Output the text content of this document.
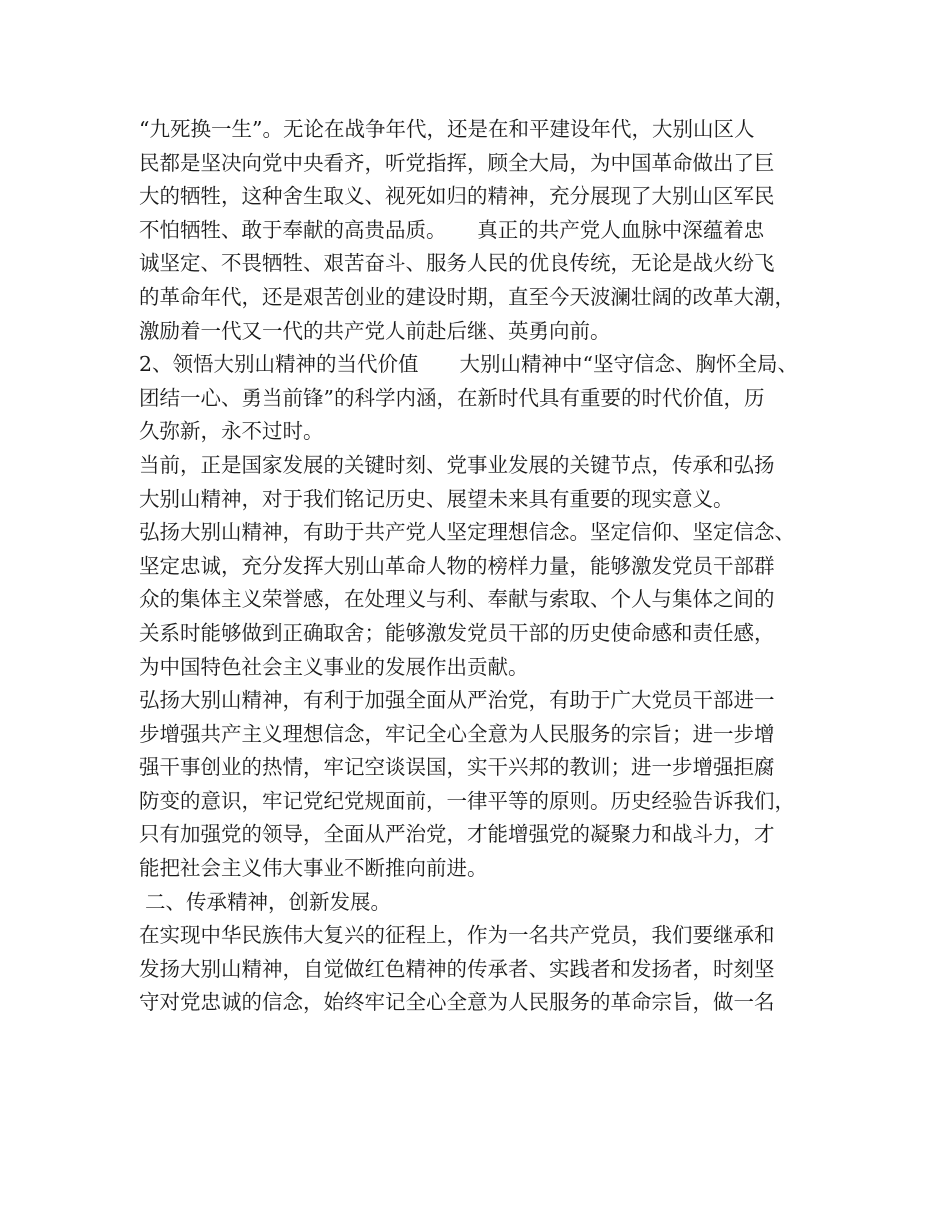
“九死换一生”。无论在战争年代，还是在和平建设年代，大别山区人
民都是坚决向党中央看齐，听党指挥，顾全大局，为中国革命做出了巨
大的牺牲，这种舍生取义、视死如归的精神，充分展现了大别山区军民
不怕牺牲、敢于奉献的高贵品质。　　真正的共产党人血脉中深蕴着忠
诚坚定、不畏牺牲、艰苦奋斗、服务人民的优良传统，无论是战火纷飞
的革命年代，还是艰苦创业的建设时期，直至今天波澜壮阔的改革大潮，
激励着一代又一代的共产党人前赴后继、英勇向前。
2、领悟大别山精神的当代价值　　大别山精神中“坚守信念、胸怀全局、
团结一心、勇当前锋”的科学内涵，在新时代具有重要的时代价值，历
久弥新，永不过时。
当前，正是国家发展的关键时刻、党事业发展的关键节点，传承和弘扬
大别山精神，对于我们铭记历史、展望未来具有重要的现实意义。
弘扬大别山精神，有助于共产党人坚定理想信念。坚定信仰、坚定信念、
坚定忠诚，充分发挥大别山革命人物的榜样力量，能够激发党员干部群
众的集体主义荣誉感，在处理义与利、奉献与索取、个人与集体之间的
关系时能够做到正确取舍；能够激发党员干部的历史使命感和责任感，
为中国特色社会主义事业的发展作出贡献。
弘扬大别山精神，有利于加强全面从严治党，有助于广大党员干部进一
步增强共产主义理想信念，牢记全心全意为人民服务的宗旨；进一步增
强干事创业的热情，牢记空谈误国，实干兴邦的教训；进一步增强拒腐
防变的意识，牢记党纪党规面前，一律平等的原则。历史经验告诉我们，
只有加强党的领导，全面从严治党，才能增强党的凝聚力和战斗力，才
能把社会主义伟大事业不断推向前进。
二、传承精神，创新发展。
在实现中华民族伟大复兴的征程上，作为一名共产党员，我们要继承和
发扬大别山精神，自觉做红色精神的传承者、实践者和发扬者，时刻坚
守对党忠诚的信念，始终牢记全心全意为人民服务的革命宗旨，做一名
